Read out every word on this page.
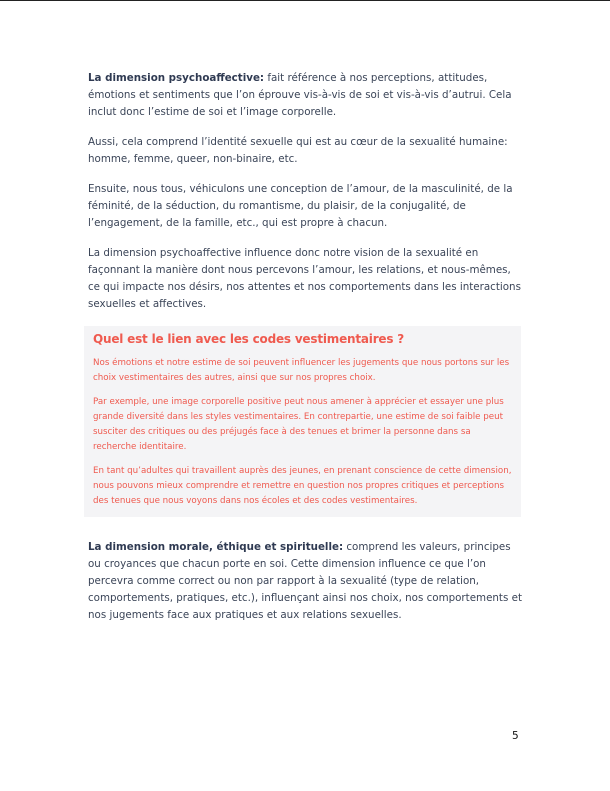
La dimension psychoaffective: fait référence à nos perceptions, attitudes, émotions et sentiments que l’on éprouve vis-à-vis de soi et vis-à-vis d’autrui. Cela inclut donc l’estime de soi et l’image corporelle.

Aussi, cela comprend l’identité sexuelle qui est au cœur de la sexualité humaine: homme, femme, queer, non-binaire, etc.

Ensuite, nous tous, véhiculons une conception de l’amour, de la masculinité, de la féminité, de la séduction, du romantisme, du plaisir, de la conjugalité, de l’engagement, de la famille, etc., qui est propre à chacun.

La dimension psychoaffective influence donc notre vision de la sexualité en façonnant la manière dont nous percevons l’amour, les relations, et nous-mêmes, ce qui impacte nos désirs, nos attentes et nos comportements dans les interactions sexuelles et affectives.

Quel est le lien avec les codes vestimentaires ?

Nos émotions et notre estime de soi peuvent influencer les jugements que nous portons sur les choix vestimentaires des autres, ainsi que sur nos propres choix.

Par exemple, une image corporelle positive peut nous amener à apprécier et essayer une plus grande diversité dans les styles vestimentaires. En contrepartie, une estime de soi faible peut susciter des critiques ou des préjugés face à des tenues et brimer la personne dans sa recherche identitaire.

En tant qu’adultes qui travaillent auprès des jeunes, en prenant conscience de cette dimension, nous pouvons mieux comprendre et remettre en question nos propres critiques et perceptions des tenues que nous voyons dans nos écoles et des codes vestimentaires.

La dimension morale, éthique et spirituelle: comprend les valeurs, principes ou croyances que chacun porte en soi. Cette dimension influence ce que l’on percevra comme correct ou non par rapport à la sexualité (type de relation, comportements, pratiques, etc.), influençant ainsi nos choix, nos comportements et nos jugements face aux pratiques et aux relations sexuelles.

5
